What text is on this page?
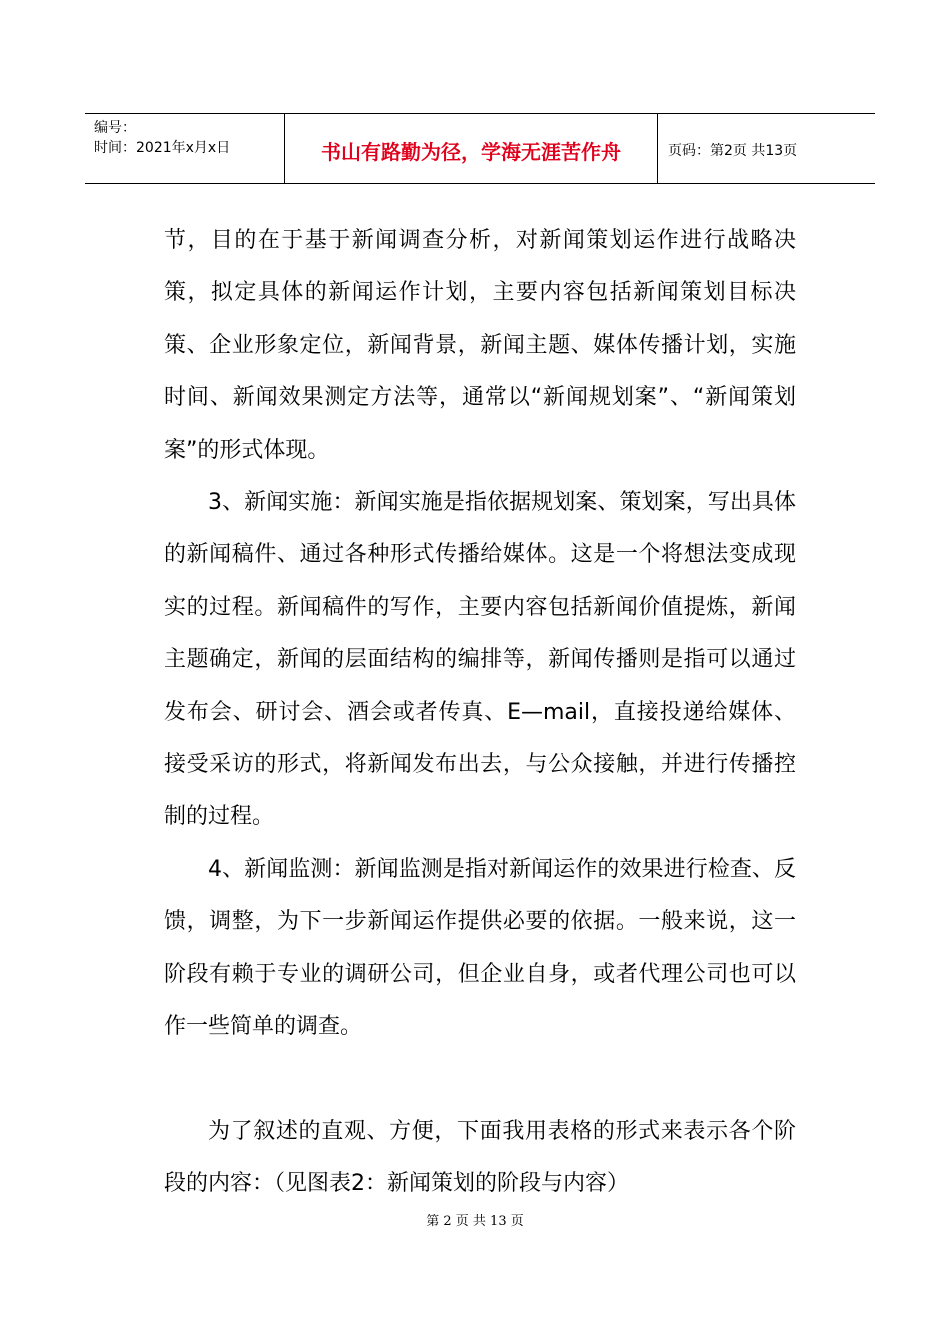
编号：
时间：2021年x月x日	书山有路勤为径，学海无涯苦作舟	页码：第2页 共13页

节，目的在于基于新闻调查分析，对新闻策划运作进行战略决策，拟定具体的新闻运作计划，主要内容包括新闻策划目标决策、企业形象定位，新闻背景，新闻主题、媒体传播计划，实施时间、新闻效果测定方法等，通常以“新闻规划案”、“新闻策划案”的形式体现。

3、新闻实施：新闻实施是指依据规划案、策划案，写出具体的新闻稿件、通过各种形式传播给媒体。这是一个将想法变成现实的过程。新闻稿件的写作，主要内容包括新闻价值提炼，新闻主题确定，新闻的层面结构的编排等，新闻传播则是指可以通过发布会、研讨会、酒会或者传真、E—mail，直接投递给媒体、接受采访的形式，将新闻发布出去，与公众接触，并进行传播控制的过程。

4、新闻监测：新闻监测是指对新闻运作的效果进行检查、反馈，调整，为下一步新闻运作提供必要的依据。一般来说，这一阶段有赖于专业的调研公司，但企业自身，或者代理公司也可以作一些简单的调查。

为了叙述的直观、方便，下面我用表格的形式来表示各个阶段的内容：（见图表2：新闻策划的阶段与内容）

第 2 页 共 13 页
